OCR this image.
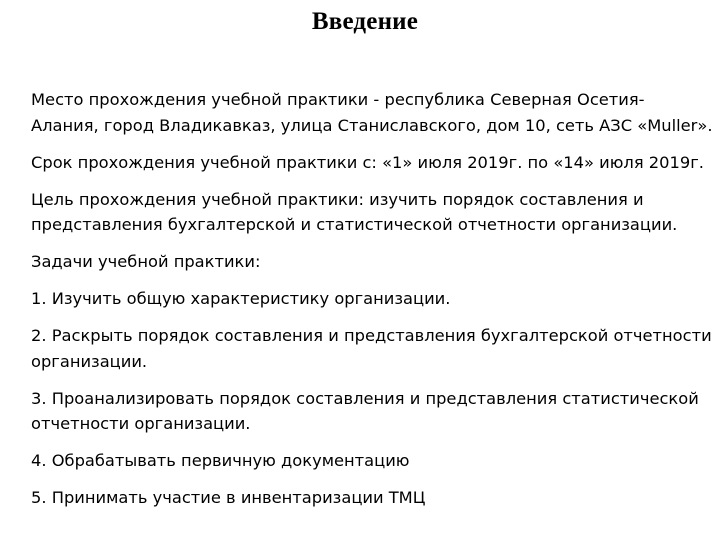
Введение

Место прохождения учебной практики - республика Северная Осетия-
Алания, город Владикавказ, улица Станиславского, дом 10, сеть АЗС «Muller».

Срок прохождения учебной практики с: «1» июля 2019г. по «14» июля 2019г.

Цель прохождения учебной практики: изучить порядок составления и
представления бухгалтерской и статистической отчетности организации.

Задачи учебной практики:

1. Изучить общую характеристику организации.

2. Раскрыть порядок составления и представления бухгалтерской отчетности
организации.

3. Проанализировать порядок составления и представления статистической
отчетности организации.

4. Обрабатывать первичную документацию

5. Принимать участие в инвентаризации ТМЦ
